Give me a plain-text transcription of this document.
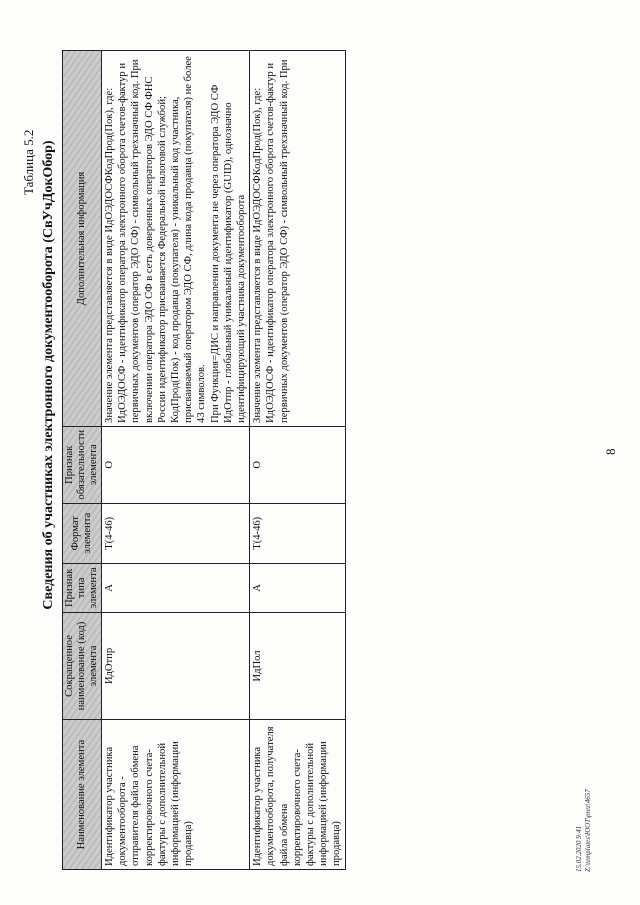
8
Таблица 5.2 Сведения об участниках электронного документооборота (СвУчДокОбор)
Наименование элемента	Сокращенное наименование (код) элемента	Признак типа элемента	Формат элемента	Признак обязательности элемента	Дополнительная информация
Идентификатор участника документооборота - отправителя файла обмена корректировочного счета-фактуры с дополнительной информацией (информации продавца)	ИдОтпр	А	Т(4-46)	О	Значение элемента представляется в виде ИдОЭДОСФКодПрод(Пок), где: ИдОЭДОСФ - идентификатор оператора электронного оборота счетов-фактур и первичных документов (оператор ЭДО СФ) - символьный трехзначный код. При включении оператора ЭДО СФ в сеть доверенных операторов ЭДО СФ ФНС России идентификатор присваивается Федеральной налоговой службой; КодПрод(Пок) - код продавца (покупателя) - уникальный код участника, присваиваемый оператором ЭДО СФ, длина кода продавца (покупателя) не более 43 символов. При Функция=ДИС и направлении документа не через оператора ЭДО СФ ИдОтпр - глобальный уникальный идентификатор (GUID), однозначно идентифицирующий участника документооборота

Идентификатор участника документооборота, получателя файла обмена корректировочного счета-фактуры с дополнительной информацией (информации продавца)	ИдПол	А	Т(4-46)	О	Значение элемента представляется в виде ИдОЭДОСФКодПрод(Пок), где: ИдОЭДОСФ - идентификатор оператора электронного оборота счетов-фактур и первичных документов (оператор ЭДО СФ) - символьный трехзначный код. При
15.02.2020 9:41 Z:\templates\ЮОТ\prez\4657
